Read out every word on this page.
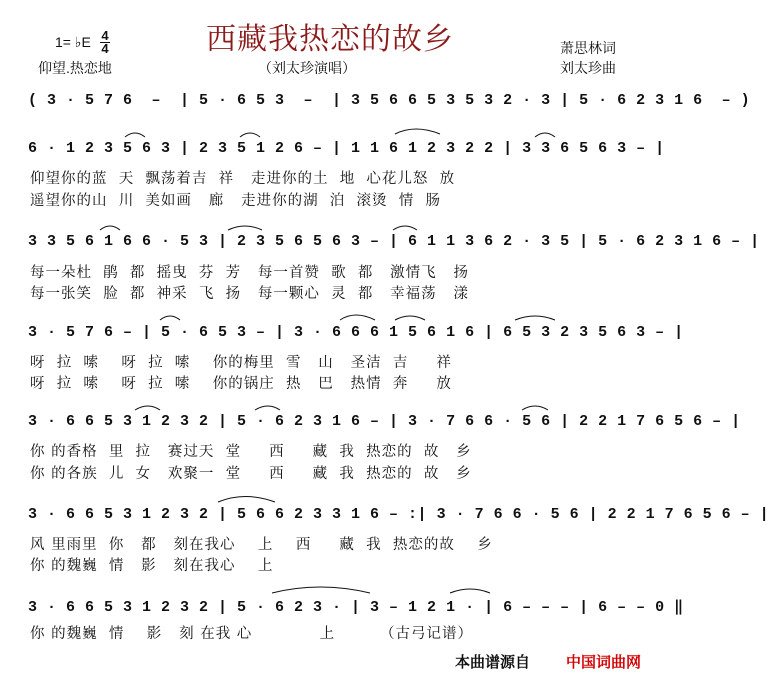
西藏我热恋的故乡
1= ♭E 4
4
仰望.热恋地	（刘太珍演唱）
萧思林词
刘太珍曲
( 3 · 5 7 6  –  | 5 · 6 5 3  –  | 3 5 6 6 5 3 5 3 2 · 3 | 5 · 6 2 3 1 6  – )
6 · 1 2 3 5 6 3 | 2 3 5 1 2 6 – | 1 1 6 1 2 3 2 2 | 3 3 6 5 6 3 – |
仰望你的蓝  天  飘荡着吉  祥   走进你的土  地  心花儿怒  放
遥望你的山  川  美如画   廊   走进你的湖  泊  滚烫  情  肠
3 3 5 6 1 6 6 · 5 3 | 2 3 5 6 5 6 3 – | 6 1 1 3 6 2 · 3 5 | 5 · 6 2 3 1 6 – |
每一朵杜  鹃  都  摇曳  芬  芳   每一首赞  歌  都   激情飞   扬
每一张笑  脸  都  神采  飞  扬   每一颗心  灵  都   幸福荡   漾
3 · 5 7 6 – | 5 · 6 5 3 – | 3 · 6 6 6 1 5 6 1 6 | 6 5 3 2 3 5 6 3 – |
呀  拉  嗦    呀  拉  嗦    你的梅里  雪   山   圣洁  吉     祥
呀  拉  嗦    呀  拉  嗦    你的锅庄  热   巴   热情  奔     放
3 · 6 6 5 3 1 2 3 2 | 5 · 6 2 3 1 6 – | 3 · 7 6 6 · 5 6 | 2 2 1 7 6 5 6 – |
你 的香格  里  拉   赛过天  堂     西     藏  我  热恋的  故   乡
你 的各族  儿  女   欢聚一  堂     西     藏  我  热恋的  故   乡
3 · 6 6 5 3 1 2 3 2 | 5 6 6 2 3 3 1 6 – :| 3 · 7 6 6 · 5 6 | 2 2 1 7 6 5 6 – |
风 里雨里  你   都   刻在我心    上    西     藏  我  热恋的故    乡
你 的魏巍  情   影   刻在我心    上
3 · 6 6 5 3 1 2 3 2 | 5 · 6 2 3 · | 3 – 1 2 1 · | 6 – – – | 6 – – 0 ‖
你 的魏巍  情    影   刻 在我 心            上        （古弓记谱）
本曲谱源自 中国词曲网
